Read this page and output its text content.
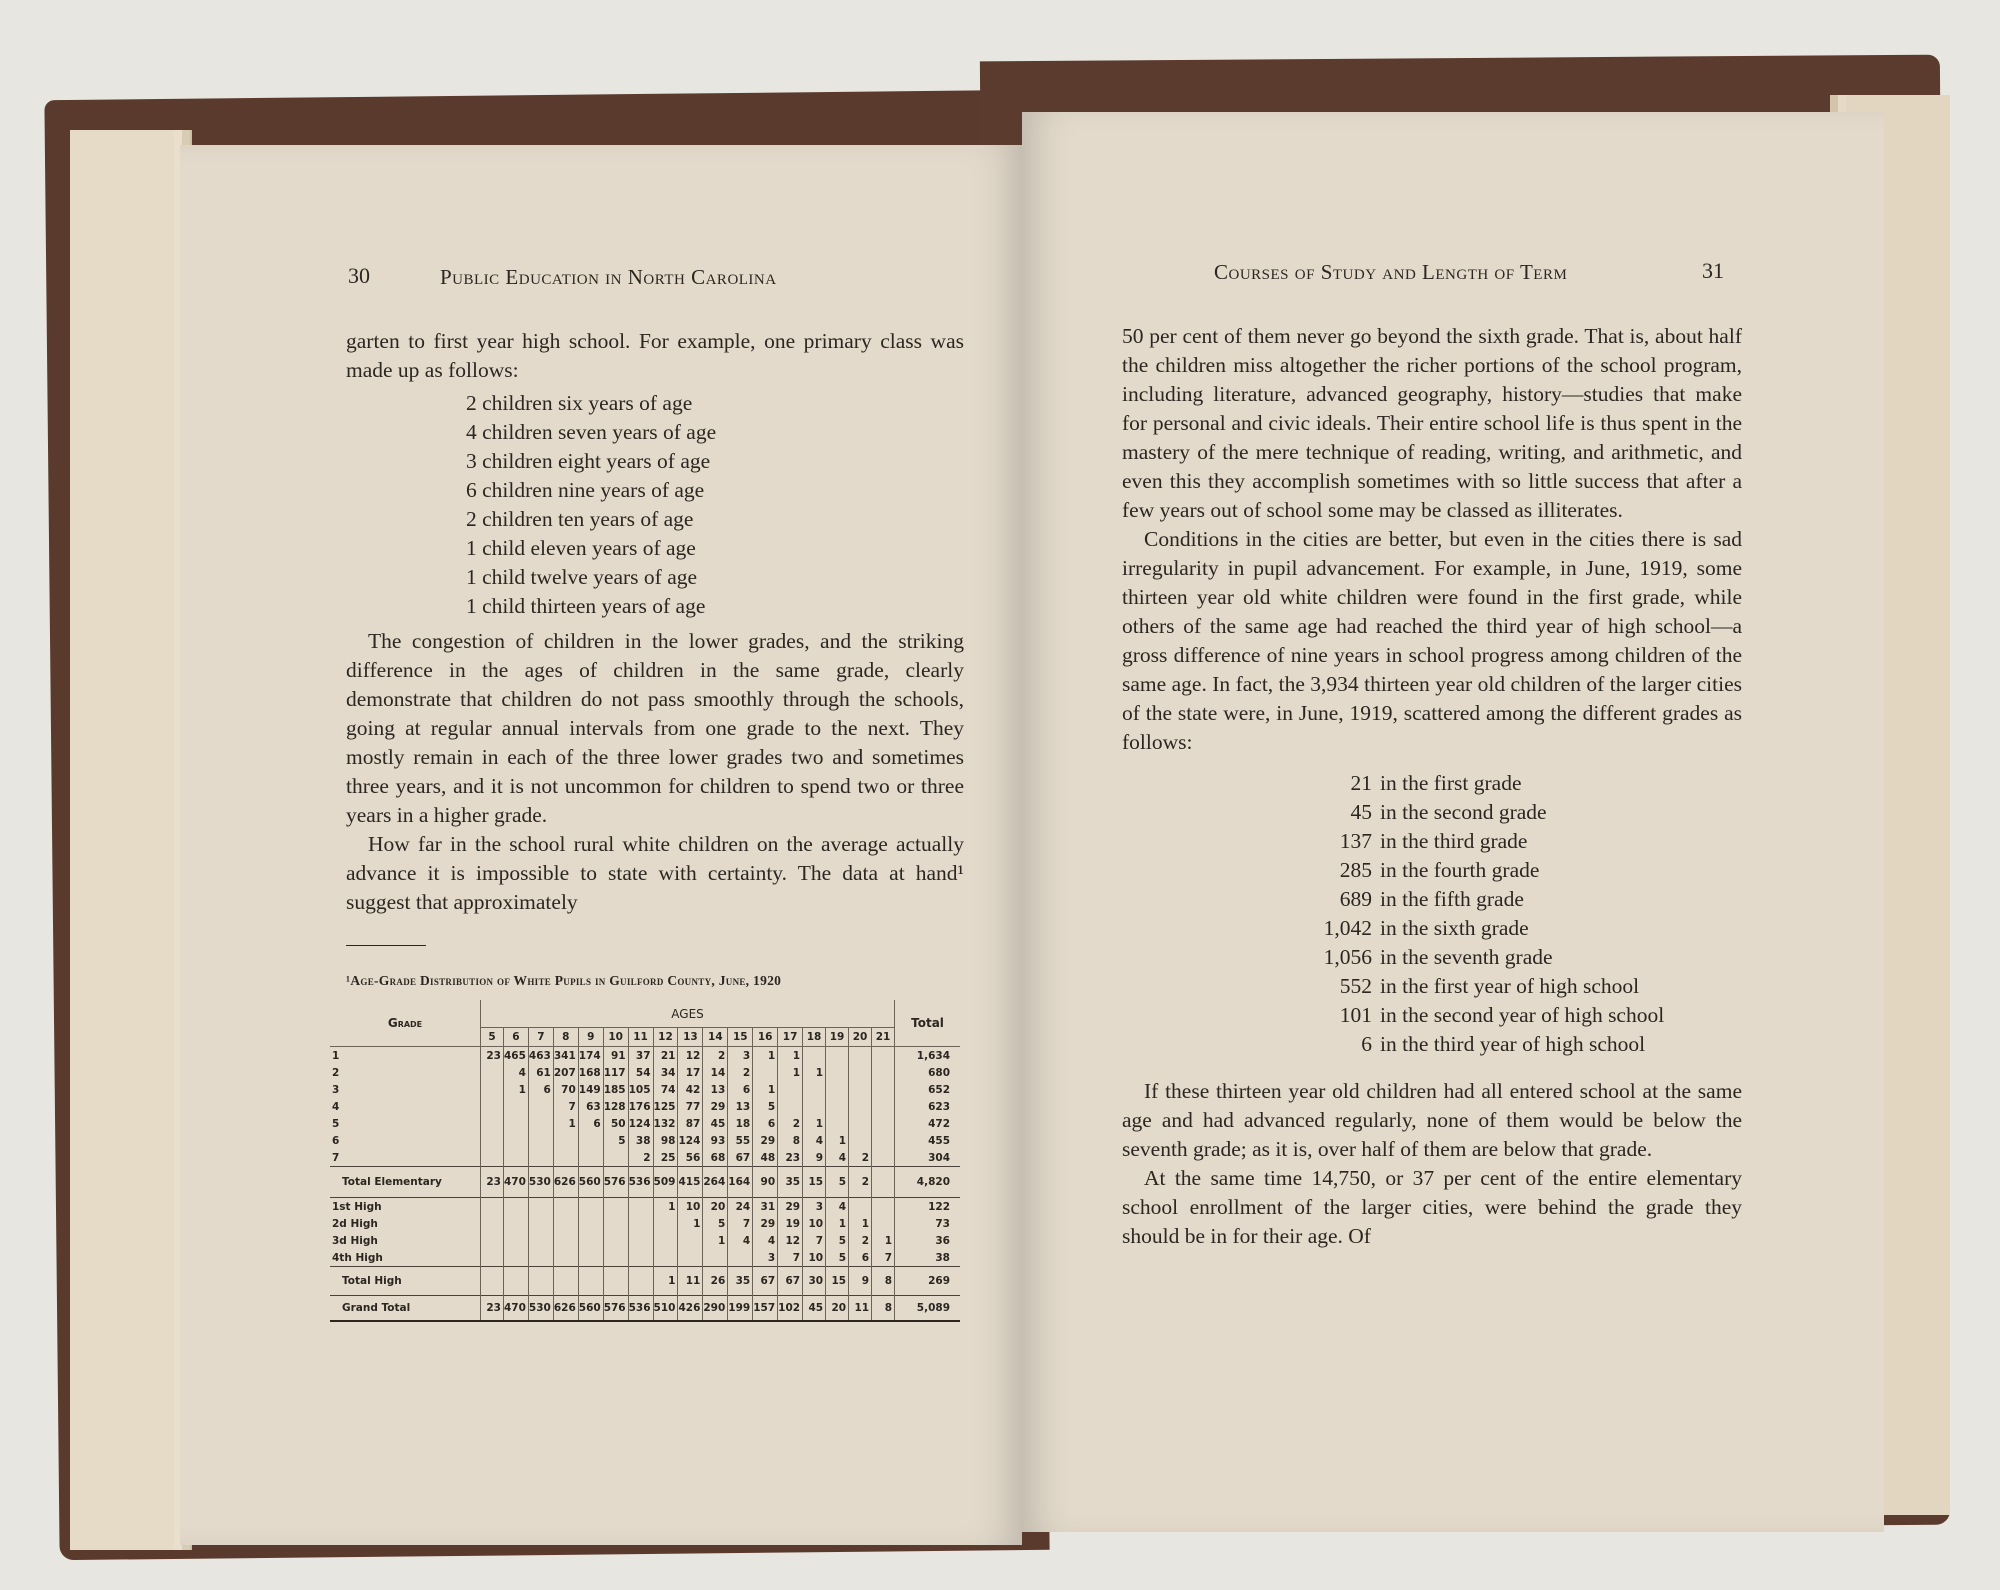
30	Public Education in North Carolina

garten to first year high school. For example, one primary class was made up as follows:

2 children six years of age
4 children seven years of age
3 children eight years of age
6 children nine years of age
2 children ten years of age
1 child eleven years of age
1 child twelve years of age
1 child thirteen years of age

The congestion of children in the lower grades, and the striking difference in the ages of children in the same grade, clearly demonstrate that children do not pass smoothly through the schools, going at regular annual intervals from one grade to the next. They mostly remain in each of the three lower grades two and sometimes three years, and it is not uncommon for children to spend two or three years in a higher grade.

How far in the school rural white children on the average actually advance it is impossible to state with certainty. The data at hand¹ suggest that approximately

¹Age-Grade Distribution of White Pupils in Guilford County, June, 1920
Grade	AGES																	Total
	5	6	7	8	9	10	11	12	13	14	15	16	17	18	19	20	21	
1	23	465	463	341	174	91	37	21	12	2	3	1	1					1,634
2		4	61	207	168	117	54	34	17	14	2		1	1				680
3		1	6	70	149	185	105	74	42	13	6	1						652
4				7	63	128	176	125	77	29	13	5						623
5				1	6	50	124	132	87	45	18	6	2	1				472
6						5	38	98	124	93	55	29	8	4	1			455
7							2	25	56	68	67	48	23	9	4	2		304
Total Elementary	23	470	530	626	560	576	536	509	415	264	164	90	35	15	5	2		4,820
1st High								1	10	20	24	31	29	3	4			122
2d High									1	5	7	29	19	10	1	1		73
3d High										1	4	4	12	7	5	2	1	36
4th High												3	7	10	5	6	7	38
Total High								1	11	26	35	67	67	30	15	9	8	269
Grand Total	23	470	530	626	560	576	536	510	426	290	199	157	102	45	20	11	8	5,089
Courses of Study and Length of Term	31

50 per cent of them never go beyond the sixth grade. That is, about half the children miss altogether the richer portions of the school program, including literature, advanced geography, history—studies that make for personal and civic ideals. Their entire school life is thus spent in the mastery of the mere technique of reading, writing, and arithmetic, and even this they accomplish sometimes with so little success that after a few years out of school some may be classed as illiterates.

Conditions in the cities are better, but even in the cities there is sad irregularity in pupil advancement. For example, in June, 1919, some thirteen year old white children were found in the first grade, while others of the same age had reached the third year of high school—a gross difference of nine years in school progress among children of the same age. In fact, the 3,934 thirteen year old children of the larger cities of the state were, in June, 1919, scattered among the different grades as follows:

21 in the first grade
45 in the second grade
137 in the third grade
285 in the fourth grade
689 in the fifth grade
1,042 in the sixth grade
1,056 in the seventh grade
552 in the first year of high school
101 in the second year of high school
6 in the third year of high school

If these thirteen year old children had all entered school at the same age and had advanced regularly, none of them would be below the seventh grade; as it is, over half of them are below that grade.

At the same time 14,750, or 37 per cent of the entire elementary school enrollment of the larger cities, were behind the grade they should be in for their age. Of
